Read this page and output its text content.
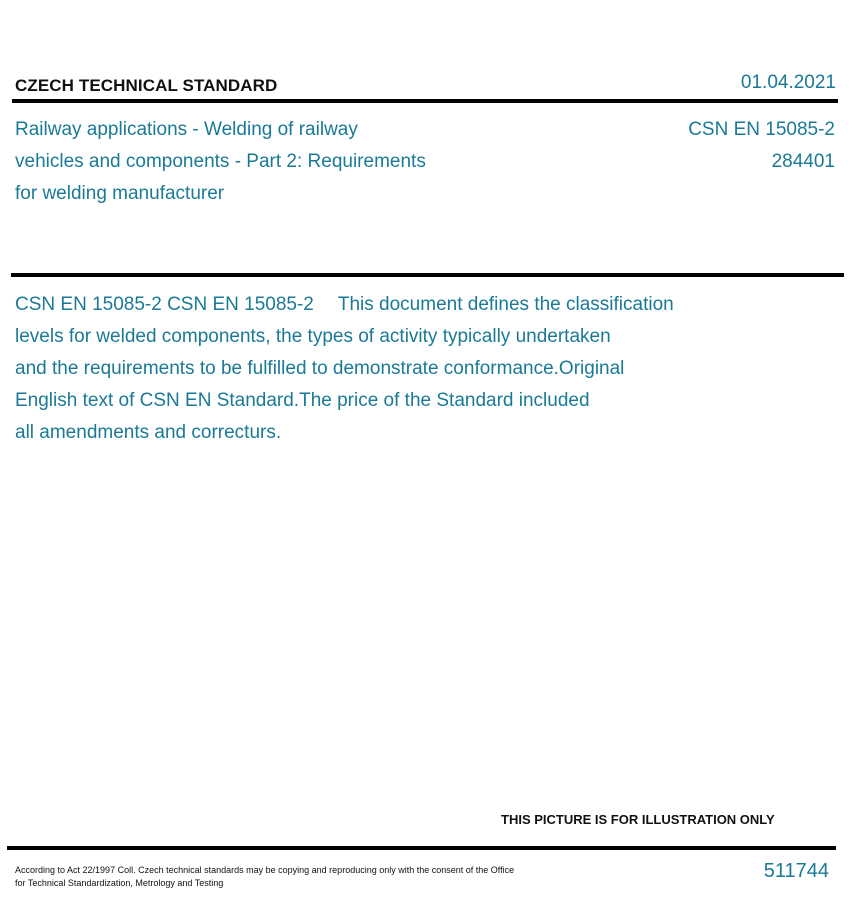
CZECH TECHNICAL STANDARD	01.04.2021
Railway applications - Welding of railway
vehicles and components - Part 2: Requirements
for welding manufacturer
CSN EN 15085-2
284401
CSN EN 15085-2 CSN EN 15085-2 This document defines the classification
levels for welded components, the types of activity typically undertaken
and the requirements to be fulfilled to demonstrate conformance.Original
English text of CSN EN Standard.The price of the Standard included
all amendments and correcturs.
THIS PICTURE IS FOR ILLUSTRATION ONLY
According to Act 22/1997 Coll. Czech technical standards may be copying and reproducing only with the consent of the Office
for Technical Standardization, Metrology and Testing
511744
